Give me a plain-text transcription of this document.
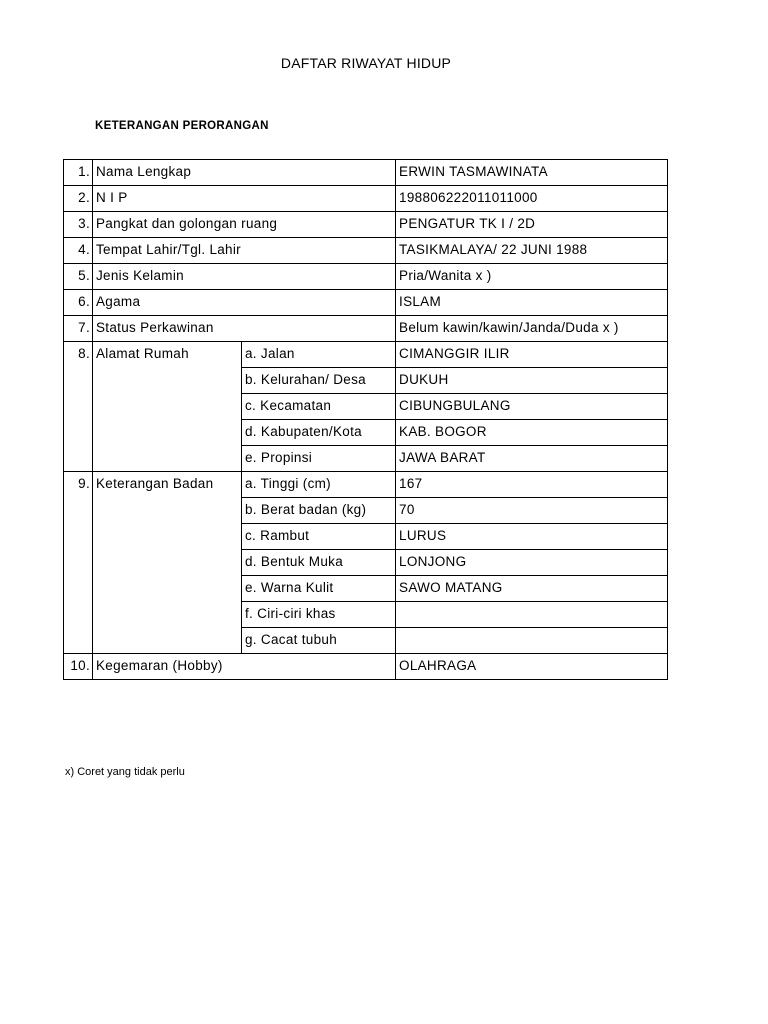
DAFTAR RIWAYAT HIDUP
KETERANGAN PERORANGAN
1.	Nama Lengkap		ERWIN TASMAWINATA
2.	N I P		198806222011011000
3.	Pangkat dan golongan ruang		PENGATUR TK I / 2D
4.	Tempat Lahir/Tgl. Lahir		TASIKMALAYA/ 22 JUNI 1988
5.	Jenis Kelamin		Pria/Wanita x )
6.	Agama		ISLAM
7.	Status Perkawinan		Belum kawin/kawin/Janda/Duda x )
8.	Alamat Rumah	a. Jalan	CIMANGGIR ILIR
		b. Kelurahan/ Desa	DUKUH
		c. Kecamatan	CIBUNGBULANG
		d. Kabupaten/Kota	KAB. BOGOR
		e. Propinsi	JAWA BARAT
9.	Keterangan Badan	a. Tinggi (cm)	167
		b. Berat badan (kg)	70
		c. Rambut	LURUS
		d. Bentuk Muka	LONJONG
		e. Warna Kulit	SAWO MATANG
		f. Ciri-ciri khas	
		g. Cacat tubuh	
10.	Kegemaran (Hobby)		OLAHRAGA
x) Coret yang tidak perlu
